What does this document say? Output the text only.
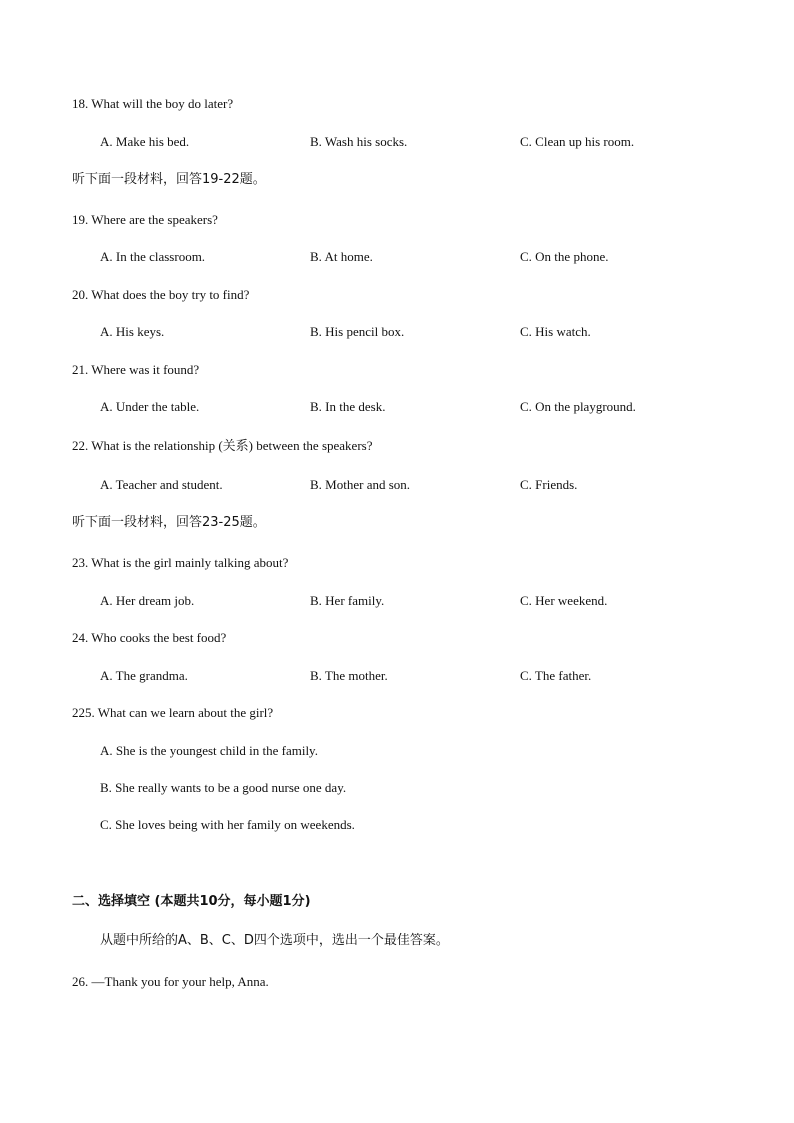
18. What will the boy do later?
A. Make his bed.	B. Wash his socks.	C. Clean up his room.
听下面一段材料，回答19-22题。
19. Where are the speakers?
A. In the classroom.	B. At home.	C. On the phone.
20. What does the boy try to find?
A. His keys.	B. His pencil box.	C. His watch.
21. Where was it found?
A. Under the table.	B. In the desk.	C. On the playground.
22. What is the relationship (关系) between the speakers?
A. Teacher and student.	B. Mother and son.	C. Friends.
听下面一段材料，回答23-25题。
23. What is the girl mainly talking about?
A. Her dream job.	B. Her family.	C. Her weekend.
24. Who cooks the best food?
A. The grandma.	B. The mother.	C. The father.
225. What can we learn about the girl?
A. She is the youngest child in the family.
B. She really wants to be a good nurse one day.
C. She loves being with her family on weekends.
二、选择填空 (本题共10分，每小题1分)
从题中所给的A、B、C、D四个选项中，选出一个最佳答案。
26. —Thank you for your help, Anna.
